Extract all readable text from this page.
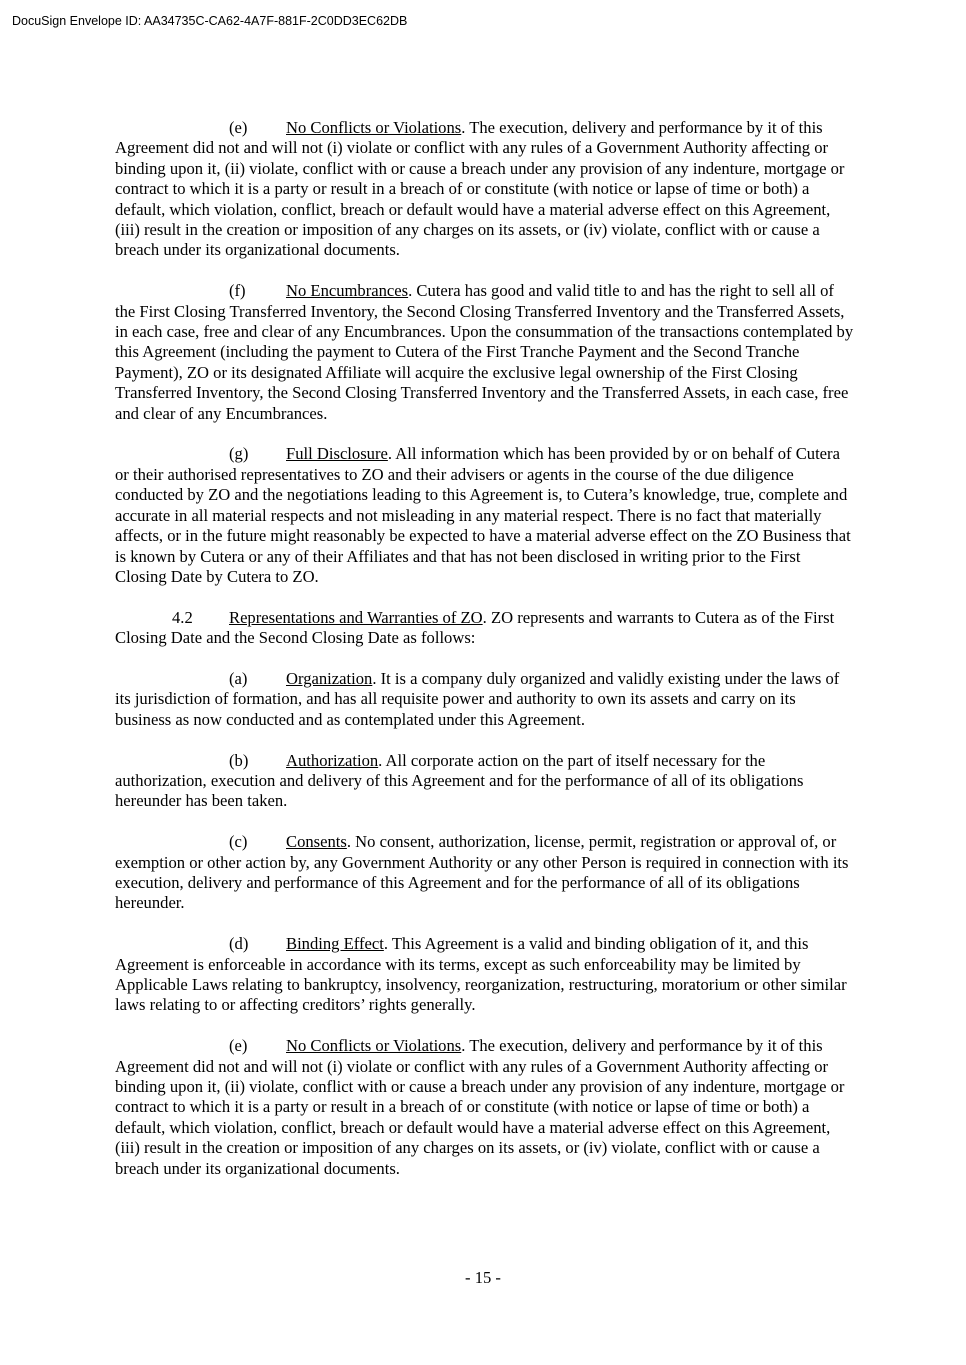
DocuSign Envelope ID: AA34735C-CA62-4A7F-881F-2C0DD3EC62DB

(e) No Conflicts or Violations. The execution, delivery and performance by it of this Agreement did not and will not (i) violate or conflict with any rules of a Government Authority affecting or binding upon it, (ii) violate, conflict with or cause a breach under any provision of any indenture, mortgage or contract to which it is a party or result in a breach of or constitute (with notice or lapse of time or both) a default, which violation, conflict, breach or default would have a material adverse effect on this Agreement, (iii) result in the creation or imposition of any charges on its assets, or (iv) violate, conflict with or cause a breach under its organizational documents.

(f) No Encumbrances. Cutera has good and valid title to and has the right to sell all of the First Closing Transferred Inventory, the Second Closing Transferred Inventory and the Transferred Assets, in each case, free and clear of any Encumbrances. Upon the consummation of the transactions contemplated by this Agreement (including the payment to Cutera of the First Tranche Payment and the Second Tranche Payment), ZO or its designated Affiliate will acquire the exclusive legal ownership of the First Closing Transferred Inventory, the Second Closing Transferred Inventory and the Transferred Assets, in each case, free and clear of any Encumbrances.

(g) Full Disclosure. All information which has been provided by or on behalf of Cutera or their authorised representatives to ZO and their advisers or agents in the course of the due diligence conducted by ZO and the negotiations leading to this Agreement is, to Cutera’s knowledge, true, complete and accurate in all material respects and not misleading in any material respect. There is no fact that materially affects, or in the future might reasonably be expected to have a material adverse effect on the ZO Business that is known by Cutera or any of their Affiliates and that has not been disclosed in writing prior to the First Closing Date by Cutera to ZO.

4.2 Representations and Warranties of ZO. ZO represents and warrants to Cutera as of the First Closing Date and the Second Closing Date as follows:

(a) Organization. It is a company duly organized and validly existing under the laws of its jurisdiction of formation, and has all requisite power and authority to own its assets and carry on its business as now conducted and as contemplated under this Agreement.

(b) Authorization. All corporate action on the part of itself necessary for the authorization, execution and delivery of this Agreement and for the performance of all of its obligations hereunder has been taken.

(c) Consents. No consent, authorization, license, permit, registration or approval of, or exemption or other action by, any Government Authority or any other Person is required in connection with its execution, delivery and performance of this Agreement and for the performance of all of its obligations hereunder.

(d) Binding Effect. This Agreement is a valid and binding obligation of it, and this Agreement is enforceable in accordance with its terms, except as such enforceability may be limited by Applicable Laws relating to bankruptcy, insolvency, reorganization, restructuring, moratorium or other similar laws relating to or affecting creditors’ rights generally.

(e) No Conflicts or Violations. The execution, delivery and performance by it of this Agreement did not and will not (i) violate or conflict with any rules of a Government Authority affecting or binding upon it, (ii) violate, conflict with or cause a breach under any provision of any indenture, mortgage or contract to which it is a party or result in a breach of or constitute (with notice or lapse of time or both) a default, which violation, conflict, breach or default would have a material adverse effect on this Agreement, (iii) result in the creation or imposition of any charges on its assets, or (iv) violate, conflict with or cause a breach under its organizational documents.

- 15 -
